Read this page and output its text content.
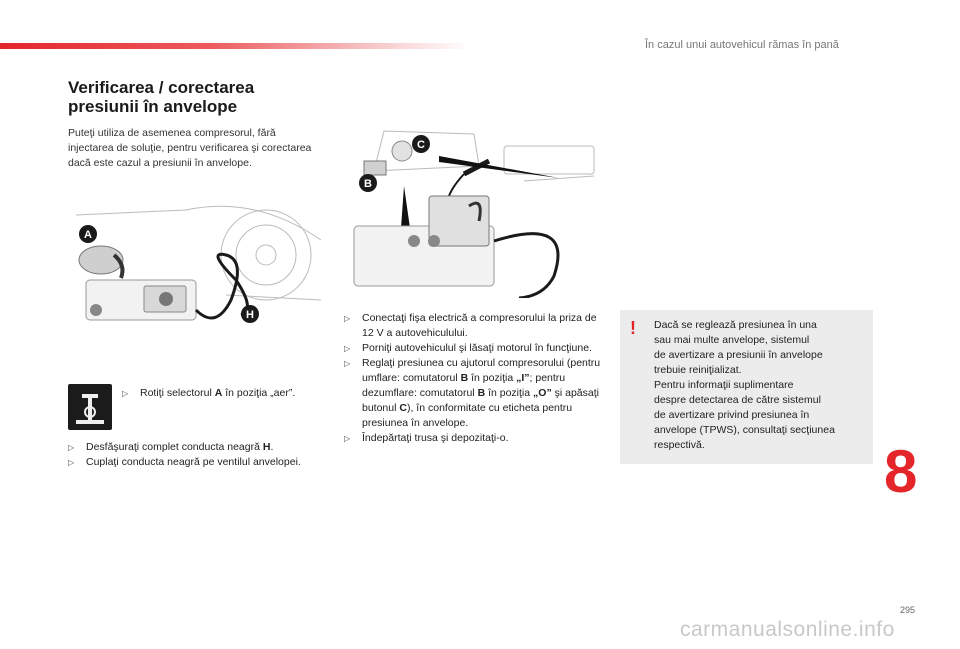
În cazul unui autovehicul rămas în pană
Verificarea / corectarea
presiunii în anvelope
Puteţi utiliza de asemenea compresorul, fără injectarea de soluţie, pentru verificarea şi corectarea dacă este cazul a presiunii în anvelope.
A
H
C
B
▷ Rotiţi selectorul A în poziţia „aer”.
▷ Desfăşuraţi complet conducta neagră H.
▷ Cuplaţi conducta neagră pe ventilul anvelopei.
▷ Conectaţi fişa electrică a compresorului la priza de 12 V a autovehiculului.
▷ Porniţi autovehiculul şi lăsaţi motorul în funcţiune.
▷ Reglaţi presiunea cu ajutorul compresorului (pentru umflare: comutatorul B în poziţia „I”; pentru dezumflare: comutatorul B în poziţia „O” şi apăsaţi butonul C), în conformitate cu eticheta pentru presiunea în anvelope.
▷ Îndepărtaţi trusa şi depozitaţi-o.
! Dacă se reglează presiunea în una
sau mai multe anvelope, sistemul
de avertizare a presiunii în anvelope
trebuie reiniţializat.
Pentru informaţii suplimentare
despre detectarea de către sistemul
de avertizare privind presiunea în
anvelope (TPWS), consultaţi secţiunea
respectivă.	8
295
carmanualsonline.info
